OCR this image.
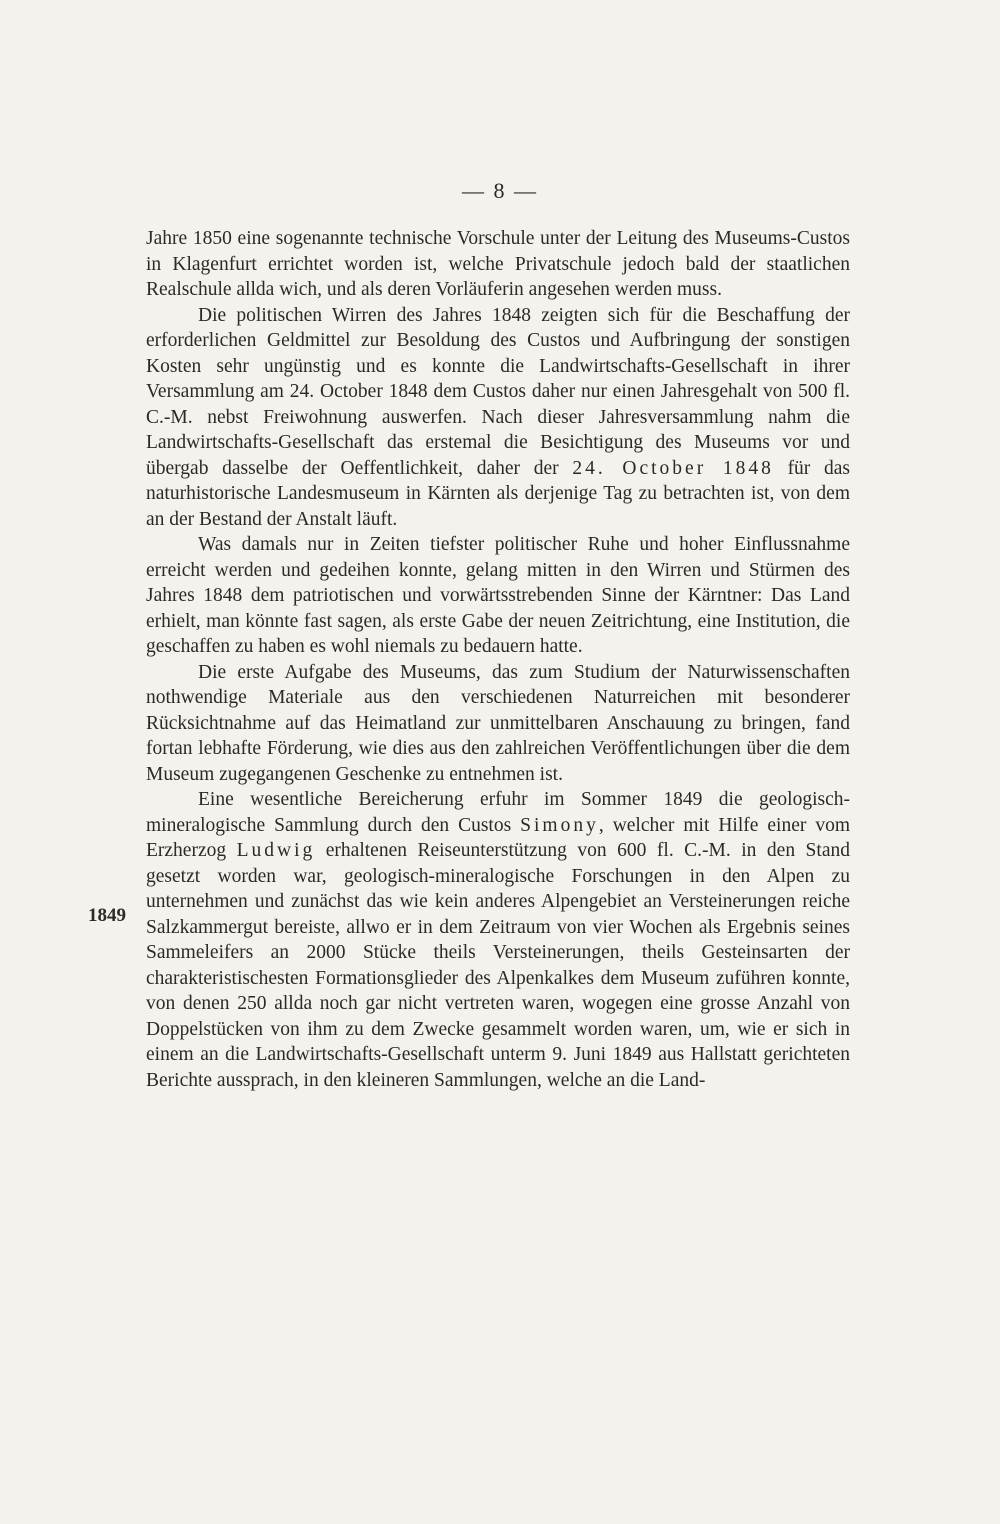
— 8 —
1849

Jahre 1850 eine sogenannte technische Vorschule unter der Leitung des Museums-Custos in Klagenfurt errichtet worden ist, welche Privatschule jedoch bald der staatlichen Realschule allda wich, und als deren Vorläuferin angesehen werden muss.

Die politischen Wirren des Jahres 1848 zeigten sich für die Beschaffung der erforderlichen Geldmittel zur Besoldung des Custos und Aufbringung der sonstigen Kosten sehr ungünstig und es konnte die Landwirtschafts-Gesellschaft in ihrer Versammlung am 24. October 1848 dem Custos daher nur einen Jahresgehalt von 500 fl. C.-M. nebst Freiwohnung auswerfen. Nach dieser Jahresversammlung nahm die Landwirtschafts-Gesellschaft das erstemal die Besichtigung des Museums vor und übergab dasselbe der Oeffentlichkeit, daher der 24. October 1848 für das naturhistorische Landesmuseum in Kärnten als derjenige Tag zu betrachten ist, von dem an der Bestand der Anstalt läuft.

Was damals nur in Zeiten tiefster politischer Ruhe und hoher Einflussnahme erreicht werden und gedeihen konnte, gelang mitten in den Wirren und Stürmen des Jahres 1848 dem patriotischen und vorwärtsstrebenden Sinne der Kärntner: Das Land erhielt, man könnte fast sagen, als erste Gabe der neuen Zeitrichtung, eine Institution, die geschaffen zu haben es wohl niemals zu bedauern hatte.

Die erste Aufgabe des Museums, das zum Studium der Naturwissenschaften nothwendige Materiale aus den verschiedenen Naturreichen mit besonderer Rücksichtnahme auf das Heimatland zur unmittelbaren Anschauung zu bringen, fand fortan lebhafte Förderung, wie dies aus den zahlreichen Veröffentlichungen über die dem Museum zugegangenen Geschenke zu entnehmen ist.

Eine wesentliche Bereicherung erfuhr im Sommer 1849 die geologisch-mineralogische Sammlung durch den Custos Simony, welcher mit Hilfe einer vom Erzherzog Ludwig erhaltenen Reiseunterstützung von 600 fl. C.-M. in den Stand gesetzt worden war, geologisch-mineralogische Forschungen in den Alpen zu unternehmen und zunächst das wie kein anderes Alpengebiet an Versteinerungen reiche Salzkammergut bereiste, allwo er in dem Zeitraum von vier Wochen als Ergebnis seines Sammeleifers an 2000 Stücke theils Versteinerungen, theils Gesteinsarten der charakteristischesten Formationsglieder des Alpenkalkes dem Museum zuführen konnte, von denen 250 allda noch gar nicht vertreten waren, wogegen eine grosse Anzahl von Doppelstücken von ihm zu dem Zwecke gesammelt worden waren, um, wie er sich in einem an die Landwirtschafts-Gesellschaft unterm 9. Juni 1849 aus Hallstatt gerichteten Berichte aussprach, in den kleineren Sammlungen, welche an die Land-
